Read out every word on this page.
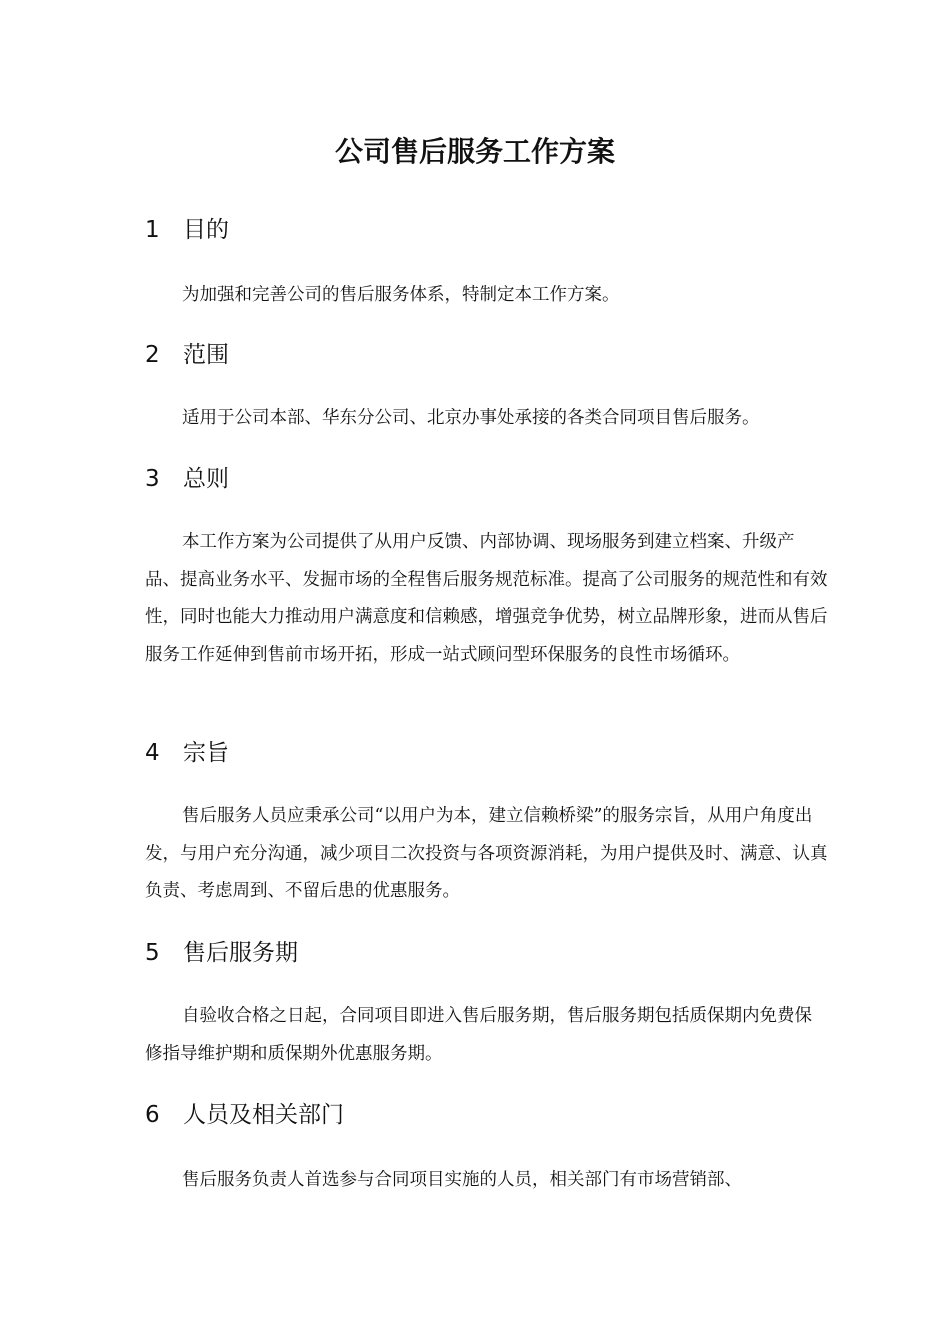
公司售后服务工作方案
1 目的

为加强和完善公司的售后服务体系，特制定本工作方案。

2 范围

适用于公司本部、华东分公司、北京办事处承接的各类合同项目售后服务。

3 总则

本工作方案为公司提供了从用户反馈、内部协调、现场服务到建立档案、升级产品、提高业务水平、发掘市场的全程售后服务规范标准。提高了公司服务的规范性和有效性，同时也能大力推动用户满意度和信赖感，增强竞争优势，树立品牌形象，进而从售后服务工作延伸到售前市场开拓，形成一站式顾问型环保服务的良性市场循环。

4 宗旨

售后服务人员应秉承公司“以用户为本，建立信赖桥梁”的服务宗旨，从用户角度出发，与用户充分沟通，减少项目二次投资与各项资源消耗，为用户提供及时、满意、认真负责、考虑周到、不留后患的优惠服务。

5 售后服务期

自验收合格之日起，合同项目即进入售后服务期，售后服务期包括质保期内免费保修指导维护期和质保期外优惠服务期。

6 人员及相关部门

售后服务负责人首选参与合同项目实施的人员，相关部门有市场营销部、
